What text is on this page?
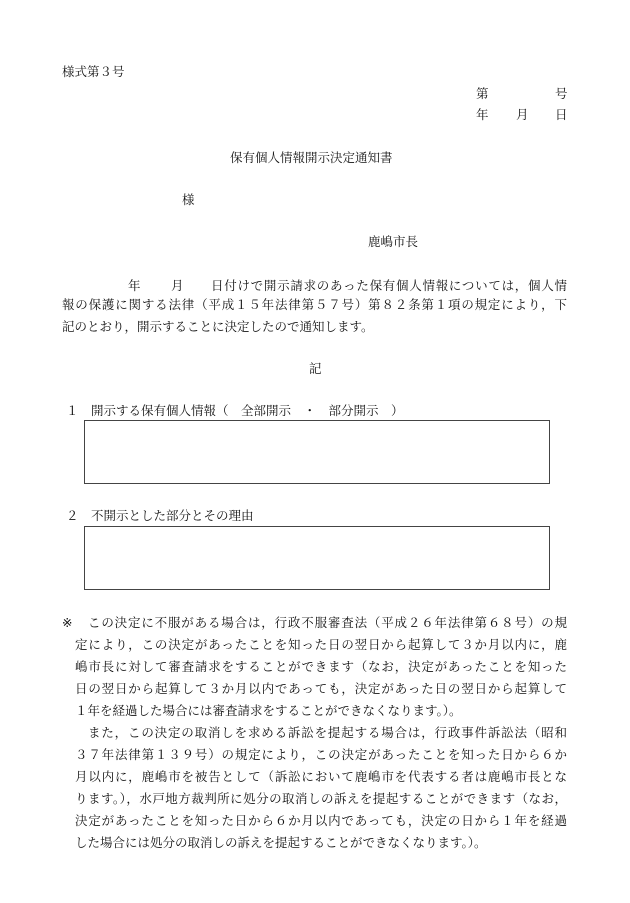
様式第３号
第	号
年 月 日
保有個人情報開示決定通知書
様
鹿嶋市長
年 月 日付けで開示請求のあった保有個人情報については，個人情
報の保護に関する法律（平成１５年法律第５７号）第８２条第１項の規定により，下
記のとおり，開示することに決定したので通知します。
記
１　開示する保有個人情報（　全部開示　・　部分開示　）
２　不開示とした部分とその理由
※ この決定に不服がある場合は，行政不服審査法（平成２６年法律第６８号）の規
定により，この決定があったことを知った日の翌日から起算して３か月以内に，鹿
嶋市長に対して審査請求をすることができます（なお，決定があったことを知った
日の翌日から起算して３か月以内であっても，決定があった日の翌日から起算して
１年を経過した場合には審査請求をすることができなくなります。）。
また，この決定の取消しを求める訴訟を提起する場合は，行政事件訴訟法（昭和
３７年法律第１３９号）の規定により，この決定があったことを知った日から６か
月以内に，鹿嶋市を被告として（訴訟において鹿嶋市を代表する者は鹿嶋市長とな
ります。），水戸地方裁判所に処分の取消しの訴えを提起することができます（なお，
決定があったことを知った日から６か月以内であっても，決定の日から１年を経過
した場合には処分の取消しの訴えを提起することができなくなります。）。
